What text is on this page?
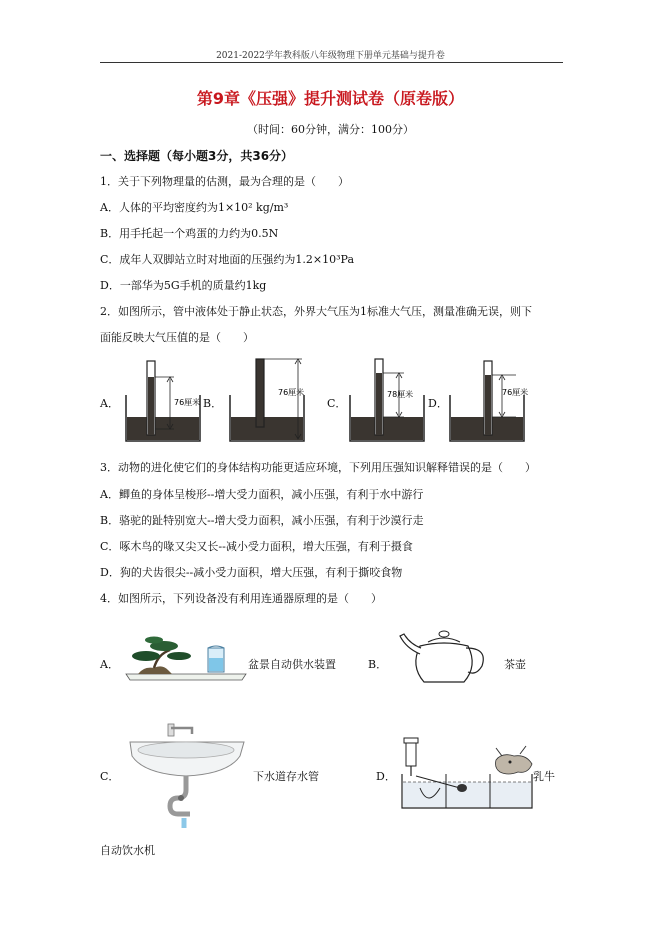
2021-2022学年教科版八年级物理下册单元基础与提升卷
第9章《压强》提升测试卷（原卷版）
（时间：60分钟，满分：100分）
一、选择题（每小题3分，共36分）
1．关于下列物理量的估测，最为合理的是（　　）
A．人体的平均密度约为1×10² kg/m³
B．用手托起一个鸡蛋的力约为0.5N
C．成年人双脚站立时对地面的压强约为1.2×10³Pa
D．一部华为5G手机的质量约1kg
2．如图所示，管中液体处于静止状态，外界大气压为1标准大气压，测量准确无误，则下
面能反映大气压值的是（　　）
A．	B．	C．	D．
76厘米
76厘米	78厘米	76厘米
3．动物的进化使它们的身体结构功能更适应环境，下列用压强知识解释错误的是（　　）
A．鲫鱼的身体呈梭形--增大受力面积，减小压强，有利于水中游行
B．骆驼的趾特别宽大--增大受力面积，减小压强，有利于沙漠行走
C．啄木鸟的喙又尖又长--减小受力面积，增大压强，有利于摄食
D．狗的犬齿很尖--减小受力面积，增大压强，有利于撕咬食物
4．如图所示，下列设备没有利用连通器原理的是（　　）
A．	盆景自动供水装置	B．	茶壶
C．	下水道存水管	D．	乳牛
自动饮水机
